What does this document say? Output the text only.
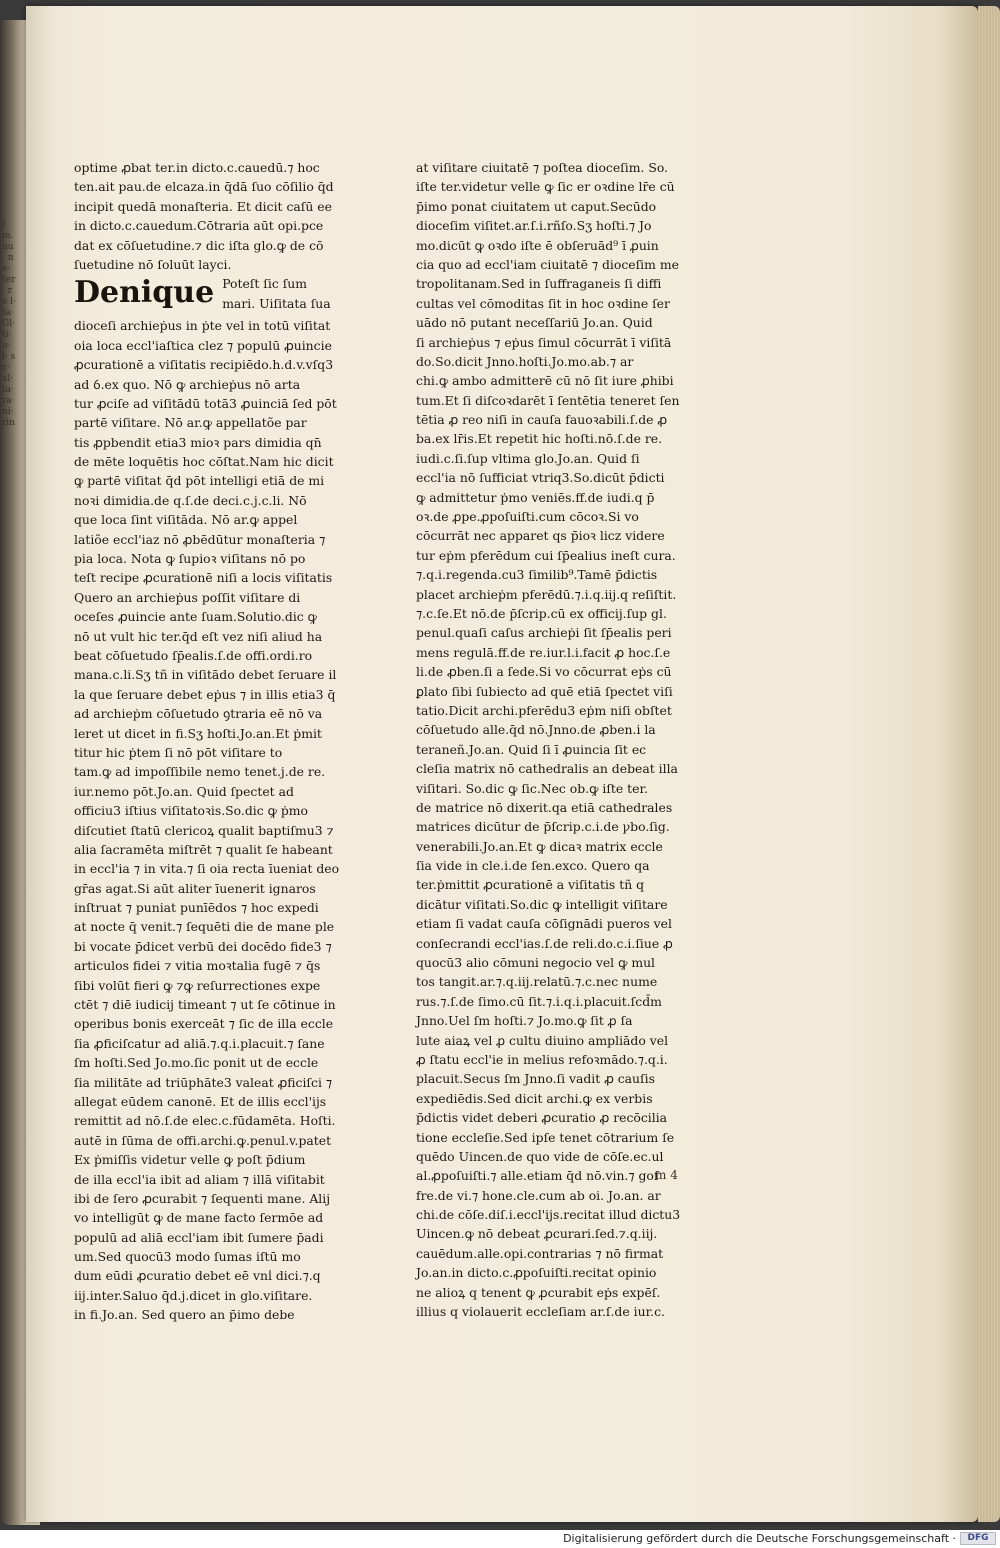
fm. nu· ne· ter· re l· ta· Gl· ti· u· l· sc· al· ta· ra· ni· rin
optime ꝓbat ter.in dicto.c.cauedū.⁊ hoc
ten.ait pau.de elcaza.in q̄dā ſuo cōſilio q̄d
incipit quedā monaſteria. Et dicit caſū ee
in dicto.c.cauedum.Cōtraria aūt opi.pce
dat ex cōſuetudine.⁊ dic iſta glo.ꝙ de cō
ſuetudine nō ſoluūt layci.
Denique Poteſt ſic ſum
mari. Uiſitata ſua
dioceſi archieṗus in ṗte vel in totū viſitat
oia loca eccl'iaſtica clez ⁊ populū ꝓuincie
ꝓcurationē a viſitatis recipiēdo.h.d.v.vſq3
ad ỽ.ex quo. Nō ꝙ archieṗus nō arta
tur ꝓciſe ad viſitādū totā3 ꝓuinciā ſed pōt
partē viſitare. Nō ar.ꝙ appellatõe par
tis ꝓpbendit etia3 mioꝛ pars dimidia qn̄
de mēte loquētis hoc cōſtat.Nam hic dicit
ꝙ partē viſitat q̄d pōt intelligi etiā de mi
noꝛi dimidia.de q.ſ.de deci.c.j.c.li. Nō
que loca ſint viſitāda. Nō ar.ꝙ appel
latiõe eccl'iaz nō ꝓbēdūtur monaſteria ⁊
pia loca. Nota ꝙ ſupioꝛ viſitans nō po
teſt recipe ꝓcurationē niſi a locis viſitatis
Quero an archieṗus poſſit viſitare di
oceſes ꝓuincie ante ſuam.Solutio.dic ꝙ
nō ut vult hic ter.q̄d eſt vez niſi aliud ha
beat cōſuetudo ſp̄ealis.ſ.de offi.ordi.ro
mana.c.li.Sʒ tñ in viſitādo debet ſeruare il
la que ſeruare debet eṗus ⁊ in illis etia3 q̄
ad archieṗm cōſuetudo ꝯtraria eē nō va
leret ut dicet in fi.Sʒ hoſti.Jo.an.Et ṗmit
titur hic ṗtem ſi nō pōt viſitare to
tam.ꝙ ad impoſſibile nemo tenet.j.de re.
iur.nemo pōt.Jo.an. Quid ſpectet ad
officiu3 iſtius viſitatoꝛis.So.dic ꝙ ṗmo
diſcutiet ſtatū clericoꝝ qualit baptiſmu3 ⁊
alia ſacramēta miſtrēt ⁊ qualit ſe habeant
in eccl'ia ⁊ in vita.⁊ ſi oia recta īueniat deo
gr̄as agat.Si aūt aliter īuenerit ignaros
inſtruat ⁊ puniat punīēdos ⁊ hoc expedi
at nocte q̄ venit.⁊ ſequēti die de mane ple
bi vocate p̄dicet verbū dei docēdo fide3 ⁊
articulos fidei ⁊ vitia moꝛtalia fugē ⁊ q̄s
ſibi volūt fieri ꝙ ⁊ꝙ reſurrectiones expe
ctēt ⁊ diē iudicij timeant ⁊ ut ſe cōtinue in
operibus bonis exerceāt ⁊ ſic de illa eccle
ſia ꝓficiſcatur ad aliā.⁊.q.i.placuit.⁊ ſane
ſm hoſti.Sed Jo.mo.ſic ponit ut de eccle
ſia militāte ad triūphāte3 valeat ꝓficiſci ⁊
allegat eūdem canonē. Et de illis eccl'ijs
remittit ad nō.ſ.de elec.c.fūdamēta. Hoſti.
autē in ſūma de offi.archi.ꝙ.penul.v.patet
Ex ṗmiſſis videtur velle ꝙ poſt p̄dium
de illa eccl'ia ibit ad aliam ⁊ illā viſitabit
ibi de ſero ꝓcurabit ⁊ ſequenti mane. Alij
vo intelligūt ꝙ de mane facto ſermōe ad
populū ad aliā eccl'iam ibit ſumere p̄adi
um.Sed quocū3 modo ſumas iſtū mo
dum eūdi ꝓcuratio debet eē vni̾ dici.⁊.q
iij.inter.Saluo q̄d.j.dicet in glo.viſitare.
in fi.Jo.an. Sed quero an p̄imo debe
at viſitare ciuitatē ⁊ poſtea dioceſim. So.
iſte ter.videtur velle ꝙ ſic er oꝛdine lr̄e cū
p̄imo ponat ciuitatem ut caput.Secūdo
dioceſim viſitet.ar.ſ.i.rñſo.Sʒ hoſti.⁊ Jo
mo.dicūt ꝙ oꝛdo iſte ē obſeruād⁹ ī ꝓuin
cia quo ad eccl'iam ciuitatē ⁊ dioceſim me
tropolitanam.Sed in ſuffraganeis ſi diffi
cultas vel cōmoditas ſit in hoc oꝛdine ſer
uādo nō putant neceſſariū Jo.an. Quid
ſi archieṗus ⁊ eṗus ſimul cōcurrāt ī viſitā
do.So.dicit Jnno.hoſti.Jo.mo.ab.⁊ ar
chi.ꝙ ambo admitterē cū nō ſit iure ꝓhibi
tum.Et ſi diſcoꝛdarēt ī ſentētia teneret ſen
tētia ꝓ reo niſi in cauſa fauoꝛabili.ſ.de ꝓ
ba.ex lr̄is.Et repetit hic hoſti.nō.ſ.de re.
iudi.c.ſi.ſup vltima glo.Jo.an. Quid ſi
eccl'ia nō ſufficiat vtriq3.So.dicūt p̄dicti
ꝙ admittetur ṗmo veniēs.ff.de iudi.q p̄
oꝛ.de ꝓpe.ꝓpoſuiſti.cum cōcoꝛ.Si vo
cōcurrāt nec apparet qs p̄ioꝛ licz videre
tur eṗm pferēdum cui ſp̄ealius ineſt cura.
⁊.q.i.regenda.cu3 ſimilib⁹.Tamē p̄dictis
placet archieṗm pferēdū.⁊.i.q.iij.q reſiſtit.
⁊.c.ſe.Et nō.de p̄ſcrip.cū ex officij.ſup gl.
penul.quaſi caſus archieṗi ſit ſp̄ealis peri
mens regulā.ff.de re.iur.l.i.facit ꝓ hoc.ſ.e
li.de ꝓben.ſi a ſede.Si vo cōcurrat eṗs cū
ꝑlato ſibi ſubiecto ad quē etiā ſpectet viſi
tatio.Dicit archi.pferēdu3 eṗm niſi obſtet
cōſuetudo alle.q̄d nō.Jnno.de ꝓben.i la
teraneñ.Jo.an. Quid ſi ī ꝓuincia ſit ec
cleſia matrix nō cathedralis an debeat illa
viſitari. So.dic ꝙ ſic.Nec ob.ꝙ iſte ter.
de matrice nō dixerit.qa etiā cathedrales
matrices dicūtur de p̄ſcrip.c.i.de ꝩbo.ſig.
venerabili.Jo.an.Et ꝙ dicaꝛ matrix eccle
ſia vide in cle.i.de ſen.exco. Quero qa
ter.ṗmittit ꝓcurationē a viſitatis tñ q
dicātur viſitati.So.dic ꝙ intelligit viſitare
etiam ſi vadat cauſa cōſignādi pueros vel
conſecrandi eccl'ias.ſ.de reli.do.c.i.ſiue ꝓ
quocū3 alio cōmuni negocio vel ꝙ mul
tos tangit.ar.⁊.q.iij.relatū.⁊.c.nec nume
rus.⁊.ſ.de ſimo.cū ſit.⁊.i.q.i.placuit.ſcd̄m
Jnno.Uel ſm hoſti.⁊ Jo.mo.ꝙ ſit ꝓ ſa
lute aiaꝝ vel ꝓ cultu diuino ampliādo vel
ꝓ ſtatu eccl'ie in melius refoꝛmādo.⁊.q.i.
placuit.Secus ſm Jnno.ſi vadit ꝓ cauſis
expediēdis.Sed dicit archi.ꝙ ex verbis
p̄dictis videt deberi ꝓcuratio ꝓ recōcilia
tione eccleſie.Sed ipſe tenet cōtrarium ſe
quēdo Uincen.de quo vide de cōſe.ec.ul
al.ꝓpoſuiſti.⁊ alle.etiam q̄d nō.vin.⁊ goſ
fre.de vi.⁊ hone.cle.cum ab oi. Jo.an. ar
chi.de cōſe.diſ.i.eccl'ijs.recitat illud dictu3
Uincen.ꝙ nō debeat ꝓcurari.ſed.⁊.q.iij.
cauēdum.alle.opi.contrarias ⁊ nō firmat
Jo.an.in dicto.c.ꝓpoſuiſti.recitat opinio
ne alioꝝ q tenent ꝙ ꝓcurabit eṗs expēſ.
illius q violauerit eccleſiam ar.ſ.de iur.c.
m 4
Digitalisierung gefördert durch die Deutsche Forschungsgemeinschaft ·	DFG
